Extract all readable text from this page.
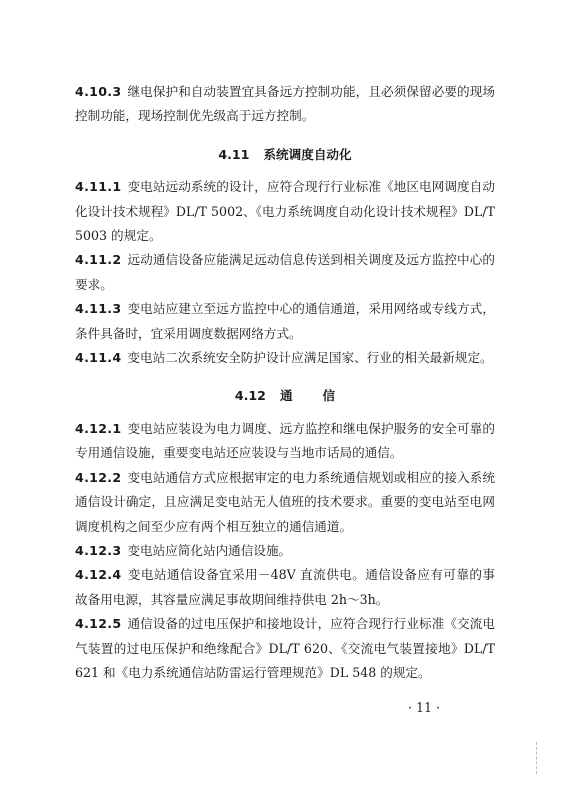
4.10.3 继电保护和自动装置宜具备远方控制功能，且必须保留必要的现场控制功能，现场控制优先级高于远方控制。

4.11 系统调度自动化

4.11.1 变电站远动系统的设计，应符合现行行业标准《地区电网调度自动化设计技术规程》DL/T 5002、《电力系统调度自动化设计技术规程》DL/T 5003 的规定。

4.11.2 远动通信设备应能满足远动信息传送到相关调度及远方监控中心的要求。

4.11.3 变电站应建立至远方监控中心的通信通道，采用网络或专线方式，条件具备时，宜采用调度数据网络方式。

4.11.4 变电站二次系统安全防护设计应满足国家、行业的相关最新规定。

4.12 通信

4.12.1 变电站应装设为电力调度、远方监控和继电保护服务的安全可靠的专用通信设施，重要变电站还应装设与当地市话局的通信。

4.12.2 变电站通信方式应根据审定的电力系统通信规划或相应的接入系统通信设计确定，且应满足变电站无人值班的技术要求。重要的变电站至电网调度机构之间至少应有两个相互独立的通信通道。

4.12.3 变电站应简化站内通信设施。

4.12.4 变电站通信设备宜采用－48V 直流供电。通信设备应有可靠的事故备用电源，其容量应满足事故期间维持供电 2h～3h。

4.12.5 通信设备的过电压保护和接地设计，应符合现行行业标准《交流电气装置的过电压保护和绝缘配合》DL/T 620、《交流电气装置接地》DL/T 621 和《电力系统通信站防雷运行管理规范》DL 548 的规定。

· 11 ·
